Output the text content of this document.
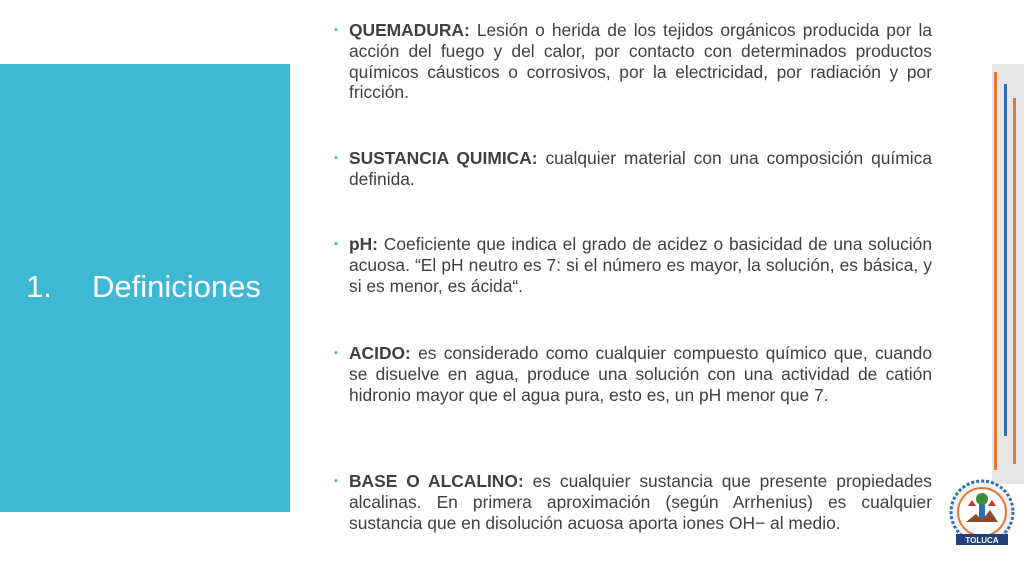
1.	Definiciones
▪ QUEMADURA: Lesión o herida de los tejidos orgánicos producida por la acción del fuego y del calor, por contacto con determinados productos químicos cáusticos o corrosivos, por la electricidad, por radiación y por fricción.
▪ SUSTANCIA QUIMICA: cualquier material con una composición química definida.
▪ pH: Coeficiente que indica el grado de acidez o basicidad de una solución acuosa. “El pH neutro es 7: si el número es mayor, la solución, es básica, y si es menor, es ácida“.
▪ ACIDO: es considerado como cualquier compuesto químico que, cuando se disuelve en agua, produce una solución con una actividad de catión hidronio mayor que el agua pura, esto es, un pH menor que 7.
▪ BASE O ALCALINO: es cualquier sustancia que presente propiedades alcalinas. En primera aproximación (según Arrhenius) es cualquier sustancia que en disolución acuosa aporta iones OH− al medio.
TOLUCA
